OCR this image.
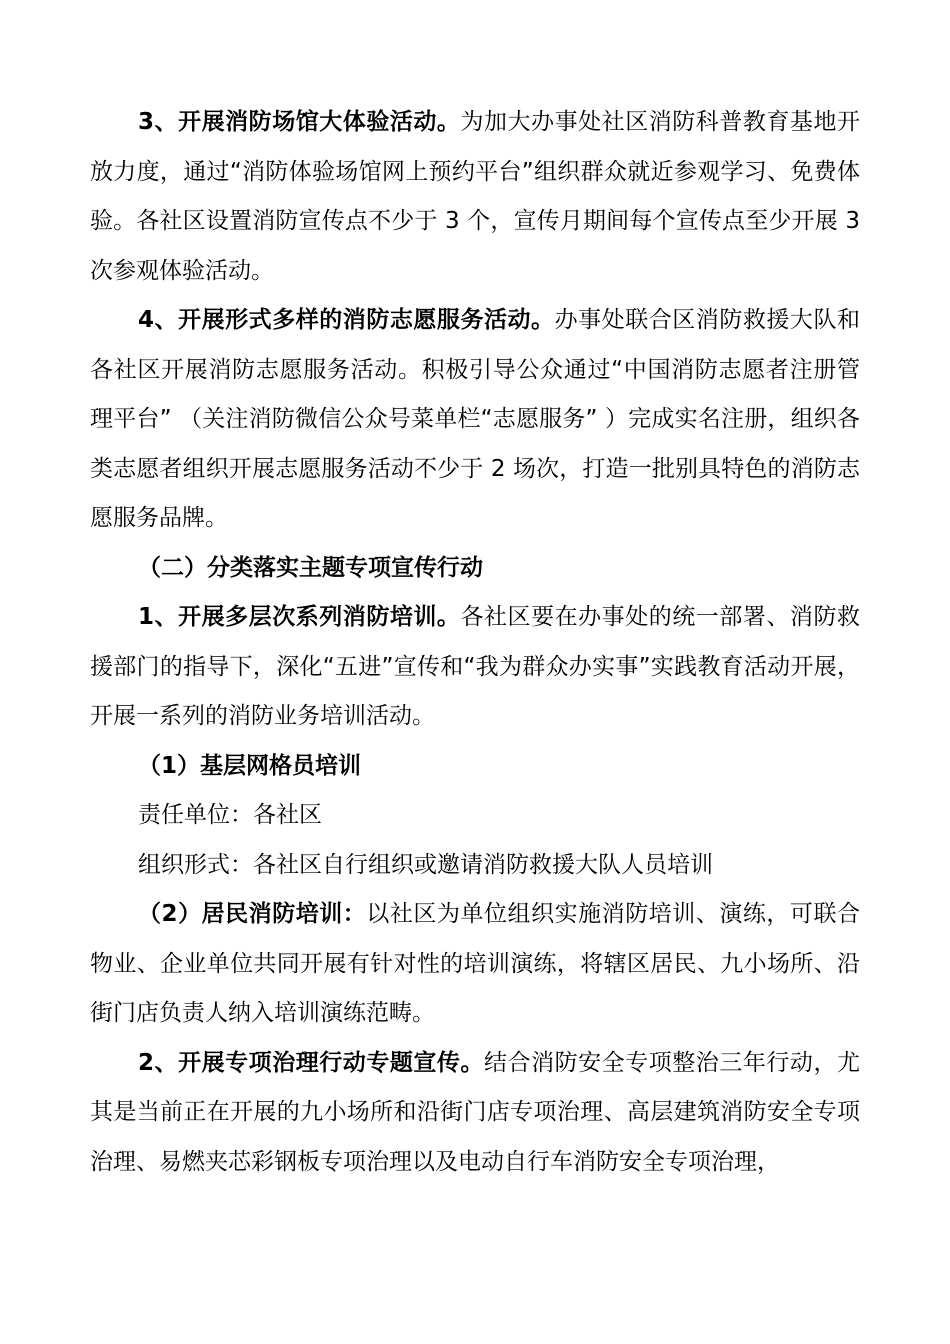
3、开展消防场馆大体验活动。为加大办事处社区消防科普教育基地开放力度，通过“消防体验场馆网上预约平台”组织群众就近参观学习、免费体验。各社区设置消防宣传点不少于 3 个，宣传月期间每个宣传点至少开展 3 次参观体验活动。

4、开展形式多样的消防志愿服务活动。办事处联合区消防救援大队和各社区开展消防志愿服务活动。积极引导公众通过“中国消防志愿者注册管理平台” （关注消防微信公众号菜单栏“志愿服务” ）完成实名注册，组织各类志愿者组织开展志愿服务活动不少于 2 场次，打造一批别具特色的消防志愿服务品牌。

（二）分类落实主题专项宣传行动

1、开展多层次系列消防培训。各社区要在办事处的统一部署、消防救援部门的指导下，深化“五进”宣传和“我为群众办实事”实践教育活动开展，开展一系列的消防业务培训活动。

（1）基层网格员培训

责任单位：各社区

组织形式：各社区自行组织或邀请消防救援大队人员培训

（2）居民消防培训：以社区为单位组织实施消防培训、演练，可联合物业、企业单位共同开展有针对性的培训演练，将辖区居民、九小场所、沿街门店负责人纳入培训演练范畴。

2、开展专项治理行动专题宣传。结合消防安全专项整治三年行动，尤其是当前正在开展的九小场所和沿街门店专项治理、高层建筑消防安全专项治理、易燃夹芯彩钢板专项治理以及电动自行车消防安全专项治理，
